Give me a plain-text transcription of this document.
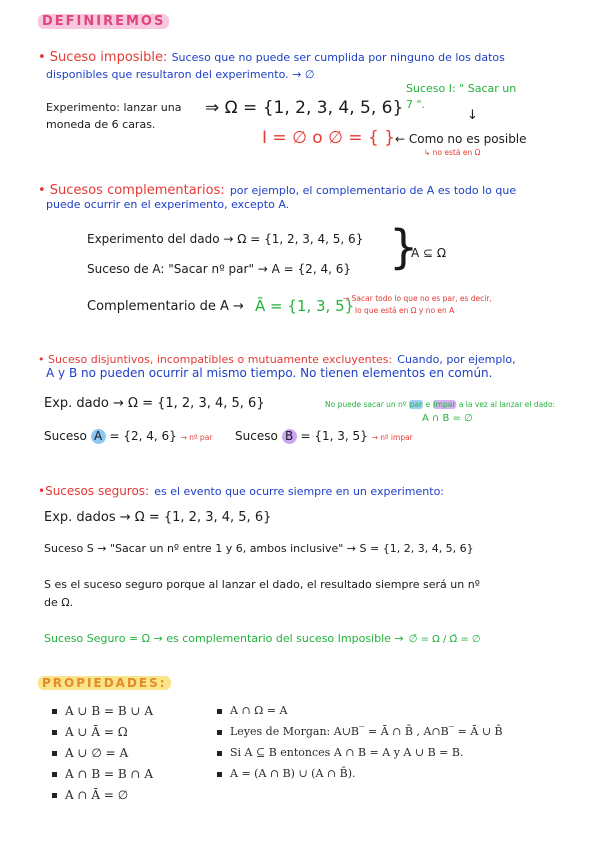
DEFINIREMOS
• Suceso imposible: Suceso que no puede ser cumplida por ninguno de los datos
disponibles que resultaron del experimento. → ∅
Experimento: lanzar una
moneda de 6 caras.
⇒ Ω = {1, 2, 3, 4, 5, 6}
Suceso I: " Sacar un
7 ".
↓
I = ∅ o ∅ = { } ← Como no es posible
↳ no está en Ω
• Sucesos complementarios: por ejemplo, el complementario de A es todo lo que
puede ocurrir en el experimento, excepto A.
Experimento del dado → Ω = {1, 2, 3, 4, 5, 6}
Suceso de A: "Sacar nº par" → A = {2, 4, 6} }
A ⊆ Ω
Complementario de A → Ā = {1, 3, 5}
→ Sacar todo lo que no es par, es decir,
lo que está en Ω y no en A
• Suceso disjuntivos, incompatibles o mutuamente excluyentes: Cuando, por ejemplo,
A y B no pueden ocurrir al mismo tiempo. No tienen elementos en común.
Exp. dado → Ω = {1, 2, 3, 4, 5, 6}	No puede sacar un nº par e impar a la vez al lanzar el dado:
A ∩ B = ∅
Suceso A = {2, 4, 6} → nº par Suceso B = {1, 3, 5} → nº impar
•Sucesos seguros: es el evento que ocurre siempre en un experimento:
Exp. dados → Ω = {1, 2, 3, 4, 5, 6}
Suceso S → "Sacar un nº entre 1 y 6, ambos inclusive" → S = {1, 2, 3, 4, 5, 6}
S es el suceso seguro porque al lanzar el dado, el resultado siempre será un nº
de Ω.
Suceso Seguro = Ω → es complementario del suceso Imposible → ∅̄ = Ω / Ω̄ = ∅
PROPIEDADES:
A ∪ B = B ∪ A
A ∪ Ā = Ω
A ∪ ∅ = A
A ∩ B = B ∩ A
A ∩ Ā = ∅
A ∩ Ω = A
Leyes de Morgan: A∪B‾ = Ā ∩ B̄ , A∩B‾ = Ā ∪ B̄
Si A ⊆ B entonces A ∩ B = A y A ∪ B = B.
A = (A ∩ B) ∪ (A ∩ B̄).
